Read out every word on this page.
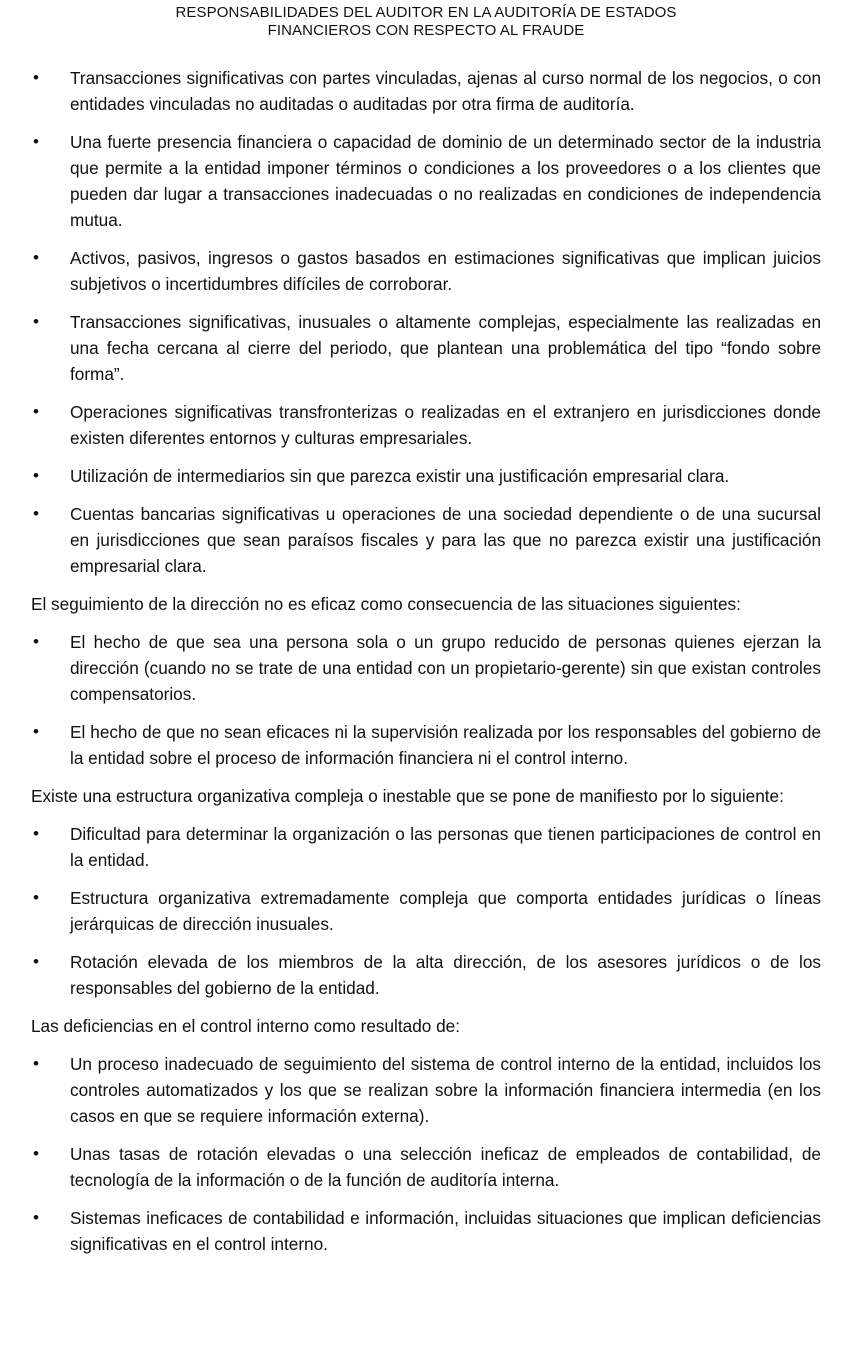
RESPONSABILIDADES DEL AUDITOR EN LA AUDITORÍA DE ESTADOS
FINANCIEROS CON RESPECTO AL FRAUDE
• Transacciones significativas con partes vinculadas, ajenas al curso normal de los negocios, o con entidades vinculadas no auditadas o auditadas por otra firma de auditoría.
• Una fuerte presencia financiera o capacidad de dominio de un determinado sector de la industria que permite a la entidad imponer términos o condiciones a los proveedores o a los clientes que pueden dar lugar a transacciones inadecuadas o no realizadas en condiciones de independencia mutua.
• Activos, pasivos, ingresos o gastos basados en estimaciones significativas que implican juicios subjetivos o incertidumbres difíciles de corroborar.
• Transacciones significativas, inusuales o altamente complejas, especialmente las realizadas en una fecha cercana al cierre del periodo, que plantean una problemática del tipo “fondo sobre forma”.
• Operaciones significativas transfronterizas o realizadas en el extranjero en jurisdicciones donde existen diferentes entornos y culturas empresariales.
• Utilización de intermediarios sin que parezca existir una justificación empresarial clara.
• Cuentas bancarias significativas u operaciones de una sociedad dependiente o de una sucursal en jurisdicciones que sean paraísos fiscales y para las que no parezca existir una justificación empresarial clara.

El seguimiento de la dirección no es eficaz como consecuencia de las situaciones siguientes:

• El hecho de que sea una persona sola o un grupo reducido de personas quienes ejerzan la dirección (cuando no se trate de una entidad con un propietario-gerente) sin que existan controles compensatorios.
• El hecho de que no sean eficaces ni la supervisión realizada por los responsables del gobierno de la entidad sobre el proceso de información financiera ni el control interno.

Existe una estructura organizativa compleja o inestable que se pone de manifiesto por lo siguiente:

• Dificultad para determinar la organización o las personas que tienen participaciones de control en la entidad.
• Estructura organizativa extremadamente compleja que comporta entidades jurídicas o líneas jerárquicas de dirección inusuales.
• Rotación elevada de los miembros de la alta dirección, de los asesores jurídicos o de los responsables del gobierno de la entidad.

Las deficiencias en el control interno como resultado de:

• Un proceso inadecuado de seguimiento del sistema de control interno de la entidad, incluidos los controles automatizados y los que se realizan sobre la información financiera intermedia (en los casos en que se requiere información externa).
• Unas tasas de rotación elevadas o una selección ineficaz de empleados de contabilidad, de tecnología de la información o de la función de auditoría interna.
• Sistemas ineficaces de contabilidad e información, incluidas situaciones que implican deficiencias significativas en el control interno.
